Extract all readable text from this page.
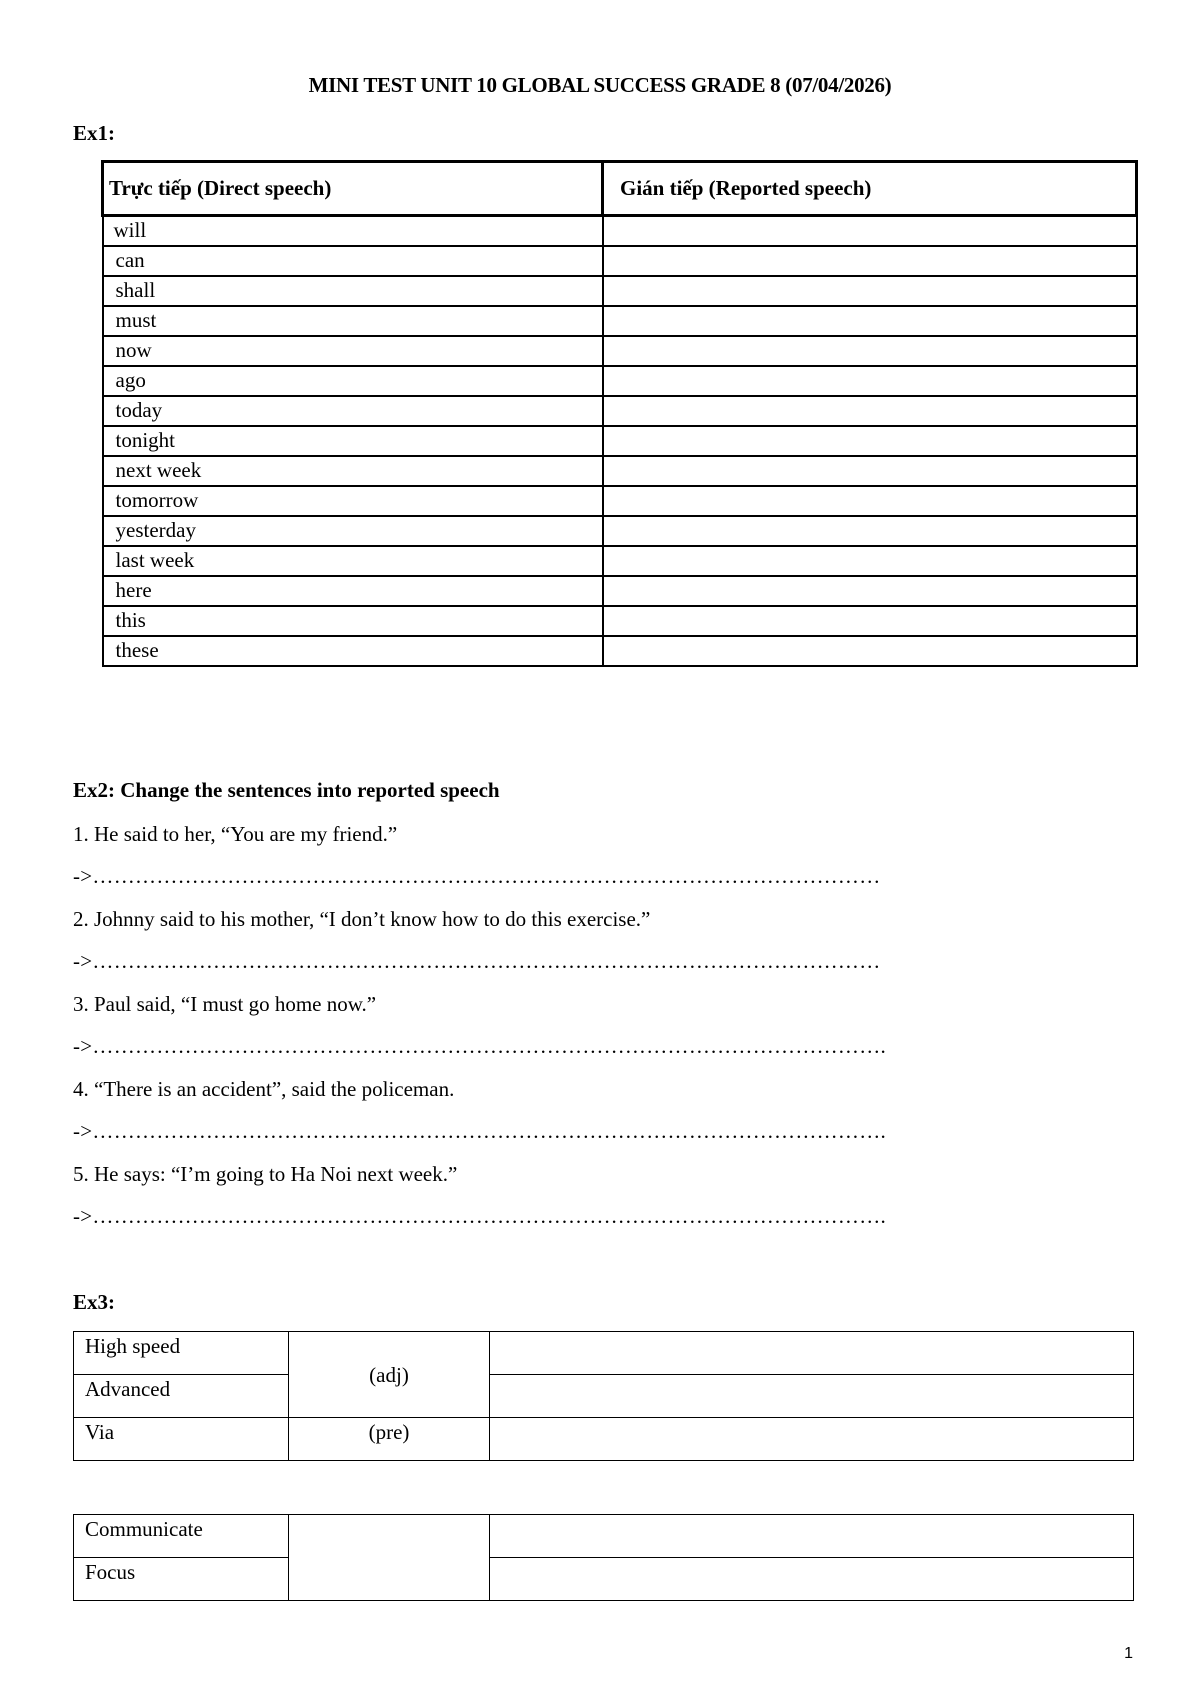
MINI TEST UNIT 10 GLOBAL SUCCESS GRADE 8 (07/04/2026)
Ex1:
Trực tiếp (Direct speech)	Gián tiếp (Reported speech)
will	
can	
shall	
must	
now	
ago	
today	
tonight	
next week	
tomorrow	
yesterday	
last week	
here	
this	
these	
Ex2: Change the sentences into reported speech
1. He said to her, “You are my friend.”
->…………………………………………………………………………………………………
2. Johnny said to his mother, “I don’t know how to do this exercise.”
->…………………………………………………………………………………………………
3. Paul said, “I must go home now.”
->………………………………………………………………………………………………….
4. “There is an accident”, said the policeman.
->………………………………………………………………………………………………….
5. He says: “I’m going to Ha Noi next week.”
->………………………………………………………………………………………………….
Ex3:
High speed	(adj)	
Advanced		
Via	(pre)	
Communicate		
Focus		
1
